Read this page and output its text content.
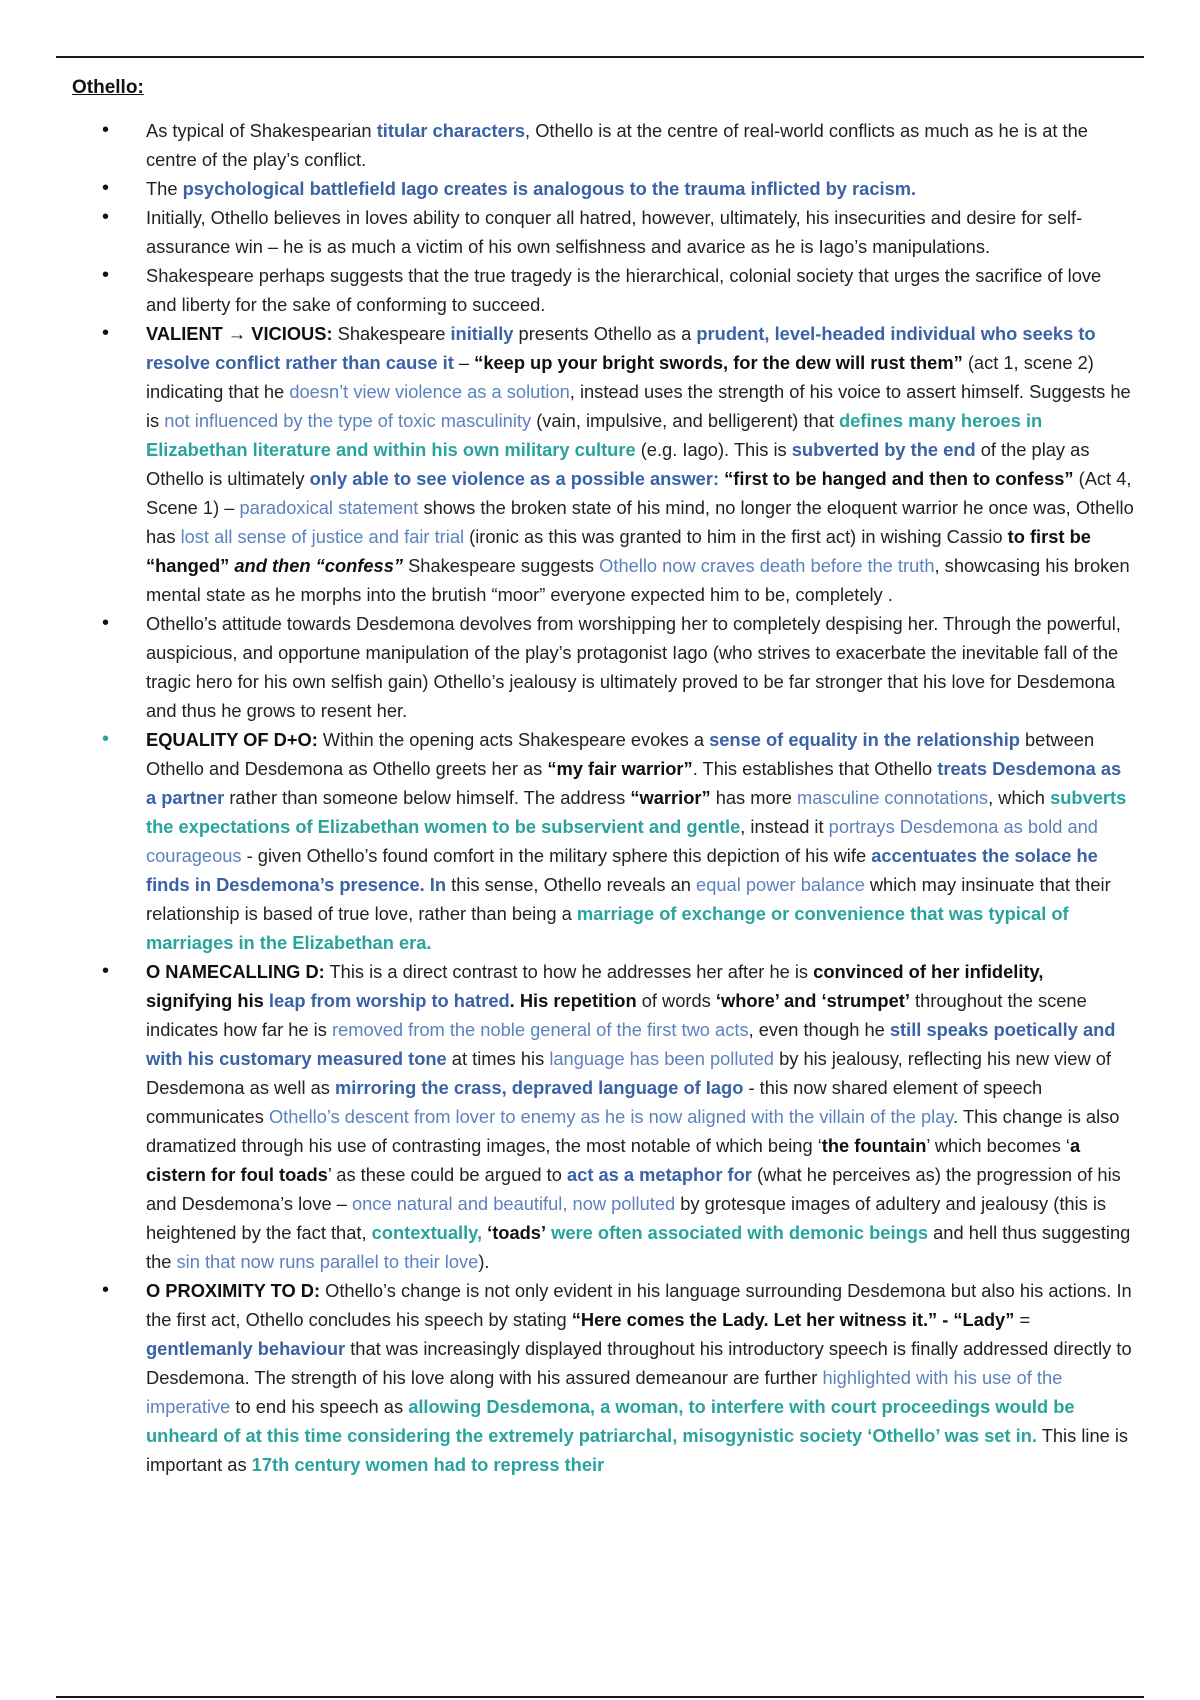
Othello:
• As typical of Shakespearian titular characters, Othello is at the centre of real-world conflicts as much as he is at the centre of the play’s conflict.
• The psychological battlefield Iago creates is analogous to the trauma inflicted by racism.
• Initially, Othello believes in loves ability to conquer all hatred, however, ultimately, his insecurities and desire for self-assurance win – he is as much a victim of his own selfishness and avarice as he is Iago’s manipulations.
• Shakespeare perhaps suggests that the true tragedy is the hierarchical, colonial society that urges the sacrifice of love and liberty for the sake of conforming to succeed.
• VALIENT → VICIOUS: Shakespeare initially presents Othello as a prudent, level-headed individual who seeks to resolve conflict rather than cause it – “keep up your bright swords, for the dew will rust them” (act 1, scene 2) indicating that he doesn’t view violence as a solution, instead uses the strength of his voice to assert himself. Suggests he is not influenced by the type of toxic masculinity (vain, impulsive, and belligerent) that defines many heroes in Elizabethan literature and within his own military culture (e.g. Iago). This is subverted by the end of the play as Othello is ultimately only able to see violence as a possible answer: “first to be hanged and then to confess” (Act 4, Scene 1) – paradoxical statement shows the broken state of his mind, no longer the eloquent warrior he once was, Othello has lost all sense of justice and fair trial (ironic as this was granted to him in the first act) in wishing Cassio to first be “hanged” and then “confess” Shakespeare suggests Othello now craves death before the truth, showcasing his broken mental state as he morphs into the brutish “moor” everyone expected him to be, completely .
• Othello’s attitude towards Desdemona devolves from worshipping her to completely despising her. Through the powerful, auspicious, and opportune manipulation of the play’s protagonist Iago (who strives to exacerbate the inevitable fall of the tragic hero for his own selfish gain) Othello’s jealousy is ultimately proved to be far stronger that his love for Desdemona and thus he grows to resent her.
• EQUALITY OF D+O: Within the opening acts Shakespeare evokes a sense of equality in the relationship between Othello and Desdemona as Othello greets her as “my fair warrior”. This establishes that Othello treats Desdemona as a partner rather than someone below himself. The address “warrior” has more masculine connotations, which subverts the expectations of Elizabethan women to be subservient and gentle, instead it portrays Desdemona as bold and courageous - given Othello’s found comfort in the military sphere this depiction of his wife accentuates the solace he finds in Desdemona’s presence. In this sense, Othello reveals an equal power balance which may insinuate that their relationship is based of true love, rather than being a marriage of exchange or convenience that was typical of marriages in the Elizabethan era.
• O NAMECALLING D: This is a direct contrast to how he addresses her after he is convinced of her infidelity, signifying his leap from worship to hatred. His repetition of words ‘whore’ and ‘strumpet’ throughout the scene indicates how far he is removed from the noble general of the first two acts, even though he still speaks poetically and with his customary measured tone at times his language has been polluted by his jealousy, reflecting his new view of Desdemona as well as mirroring the crass, depraved language of Iago - this now shared element of speech communicates Othello’s descent from lover to enemy as he is now aligned with the villain of the play. This change is also dramatized through his use of contrasting images, the most notable of which being ‘the fountain’ which becomes ‘a cistern for foul toads’ as these could be argued to act as a metaphor for (what he perceives as) the progression of his and Desdemona’s love – once natural and beautiful, now polluted by grotesque images of adultery and jealousy (this is heightened by the fact that, contextually, ‘toads’ were often associated with demonic beings and hell thus suggesting the sin that now runs parallel to their love).
• O PROXIMITY TO D: Othello’s change is not only evident in his language surrounding Desdemona but also his actions. In the first act, Othello concludes his speech by stating “Here comes the Lady. Let her witness it.” - “Lady” = gentlemanly behaviour that was increasingly displayed throughout his introductory speech is finally addressed directly to Desdemona. The strength of his love along with his assured demeanour are further highlighted with his use of the imperative to end his speech as allowing Desdemona, a woman, to interfere with court proceedings would be unheard of at this time considering the extremely patriarchal, misogynistic society ‘Othello’ was set in. This line is important as 17th century women had to repress their
